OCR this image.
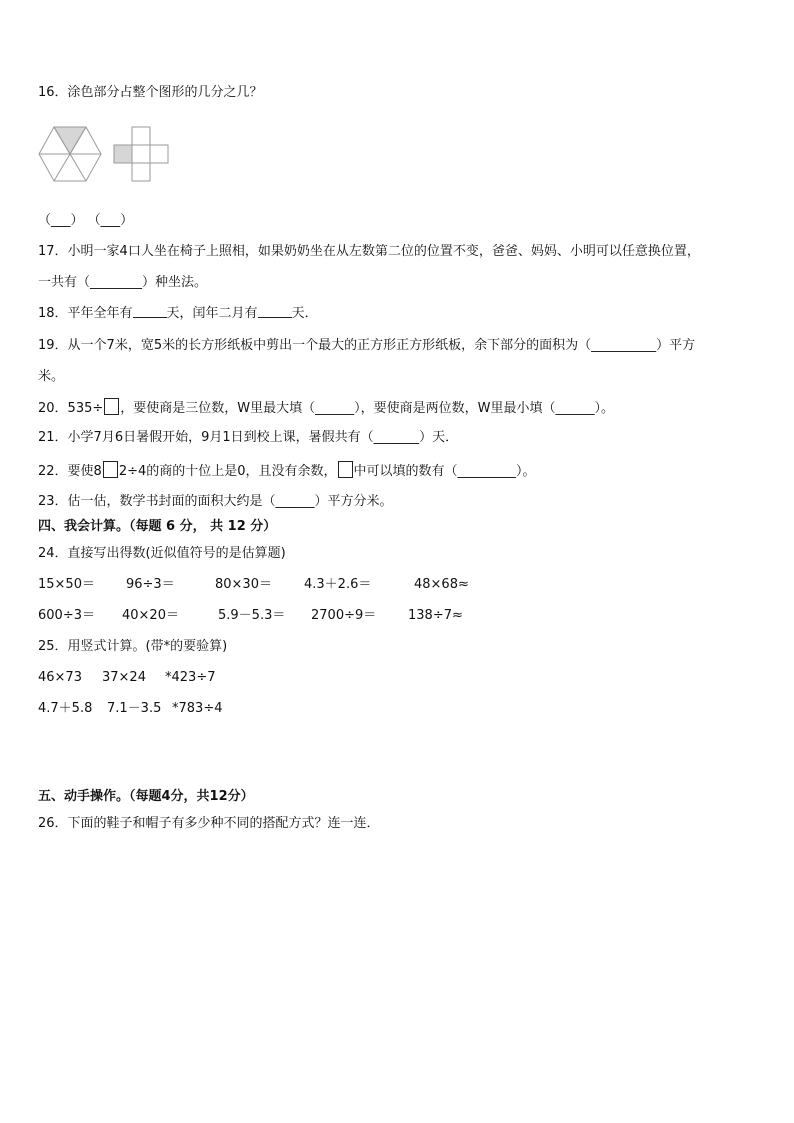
16．涂色部分占整个图形的几分之几？
（___） （___）
17．小明一家4口人坐在椅子上照相，如果奶奶坐在从左数第二位的位置不变，爸爸、妈妈、小明可以任意换位置，
一共有（________）种坐法。
18．平年全年有	天，闰年二月有	天．
19．从一个7米，宽5米的长方形纸板中剪出一个最大的正方形正方形纸板，余下部分的面积为（__________）平方
米。
20．535÷ ，要使商是三位数，W里最大填（______），要使商是两位数，W里最小填（______）。
21．小学7月6日暑假开始，9月1日到校上课，暑假共有（_______）天．
22．要使8 2÷4的商的十位上是0，且没有余数， 中可以填的数有（_________）。
23．估一估，数学书封面的面积大约是（______）平方分米。
四、我会计算。（每题 6 分， 共 12 分）
24．直接写出得数(近似值符号的是估算题)
15×50＝ 96÷3＝	80×30＝ 4.3＋2.6＝	48×68≈
600÷3＝ 40×20＝	5.9－5.3＝ 2700÷9＝ 138÷7≈
25．用竖式计算。(带*的要验算)
46×73 37×24 *423÷7
4.7＋5.8 7.1－3.5 *783÷4
五、动手操作。（每题4分，共12分）
26．下面的鞋子和帽子有多少种不同的搭配方式？连一连．
